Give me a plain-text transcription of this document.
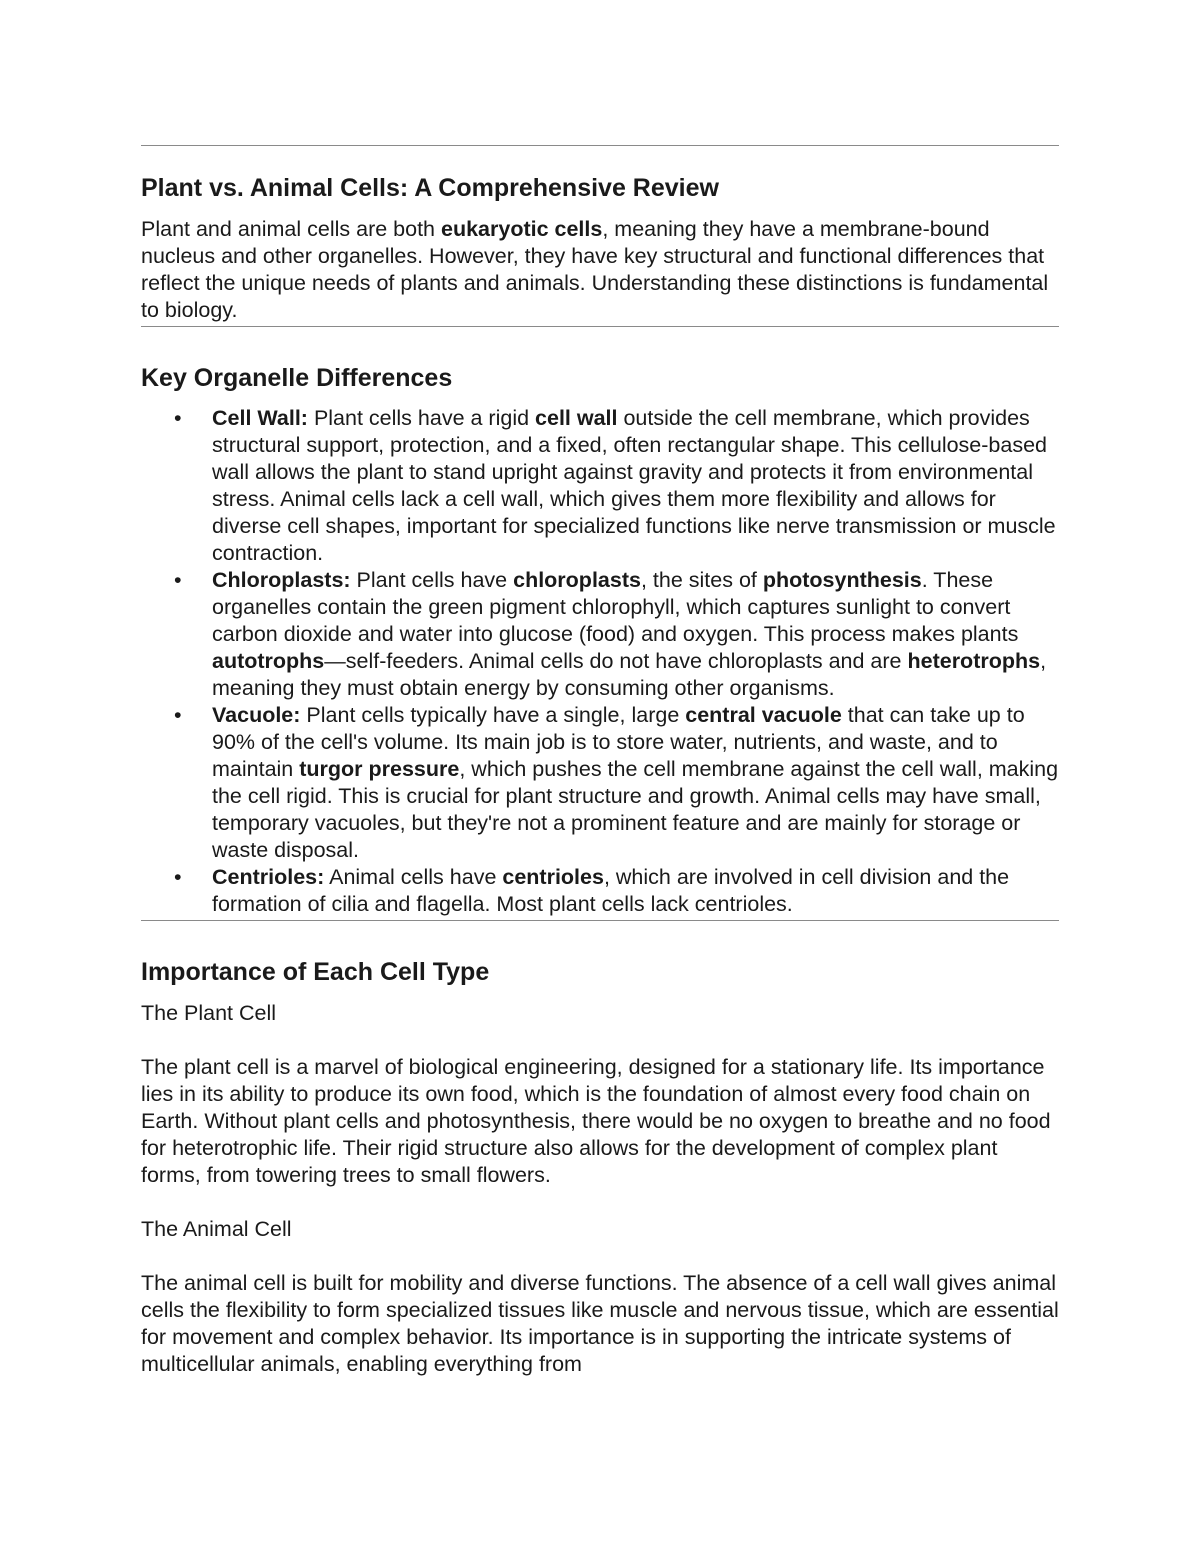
Plant vs. Animal Cells: A Comprehensive Review

Plant and animal cells are both eukaryotic cells, meaning they have a membrane-bound nucleus and other organelles. However, they have key structural and functional differences that reflect the unique needs of plants and animals. Understanding these distinctions is fundamental to biology.

Key Organelle Differences
• Cell Wall: Plant cells have a rigid cell wall outside the cell membrane, which provides structural support, protection, and a fixed, often rectangular shape. This cellulose-based wall allows the plant to stand upright against gravity and protects it from environmental stress. Animal cells lack a cell wall, which gives them more flexibility and allows for diverse cell shapes, important for specialized functions like nerve transmission or muscle contraction.
• Chloroplasts: Plant cells have chloroplasts, the sites of photosynthesis. These organelles contain the green pigment chlorophyll, which captures sunlight to convert carbon dioxide and water into glucose (food) and oxygen. This process makes plants autotrophs—self-feeders. Animal cells do not have chloroplasts and are heterotrophs, meaning they must obtain energy by consuming other organisms.
• Vacuole: Plant cells typically have a single, large central vacuole that can take up to 90% of the cell's volume. Its main job is to store water, nutrients, and waste, and to maintain turgor pressure, which pushes the cell membrane against the cell wall, making the cell rigid. This is crucial for plant structure and growth. Animal cells may have small, temporary vacuoles, but they're not a prominent feature and are mainly for storage or waste disposal.
• Centrioles: Animal cells have centrioles, which are involved in cell division and the formation of cilia and flagella. Most plant cells lack centrioles.
Importance of Each Cell Type

The Plant Cell

The plant cell is a marvel of biological engineering, designed for a stationary life. Its importance lies in its ability to produce its own food, which is the foundation of almost every food chain on Earth. Without plant cells and photosynthesis, there would be no oxygen to breathe and no food for heterotrophic life. Their rigid structure also allows for the development of complex plant forms, from towering trees to small flowers.

The Animal Cell

The animal cell is built for mobility and diverse functions. The absence of a cell wall gives animal cells the flexibility to form specialized tissues like muscle and nervous tissue, which are essential for movement and complex behavior. Its importance is in supporting the intricate systems of multicellular animals, enabling everything from
